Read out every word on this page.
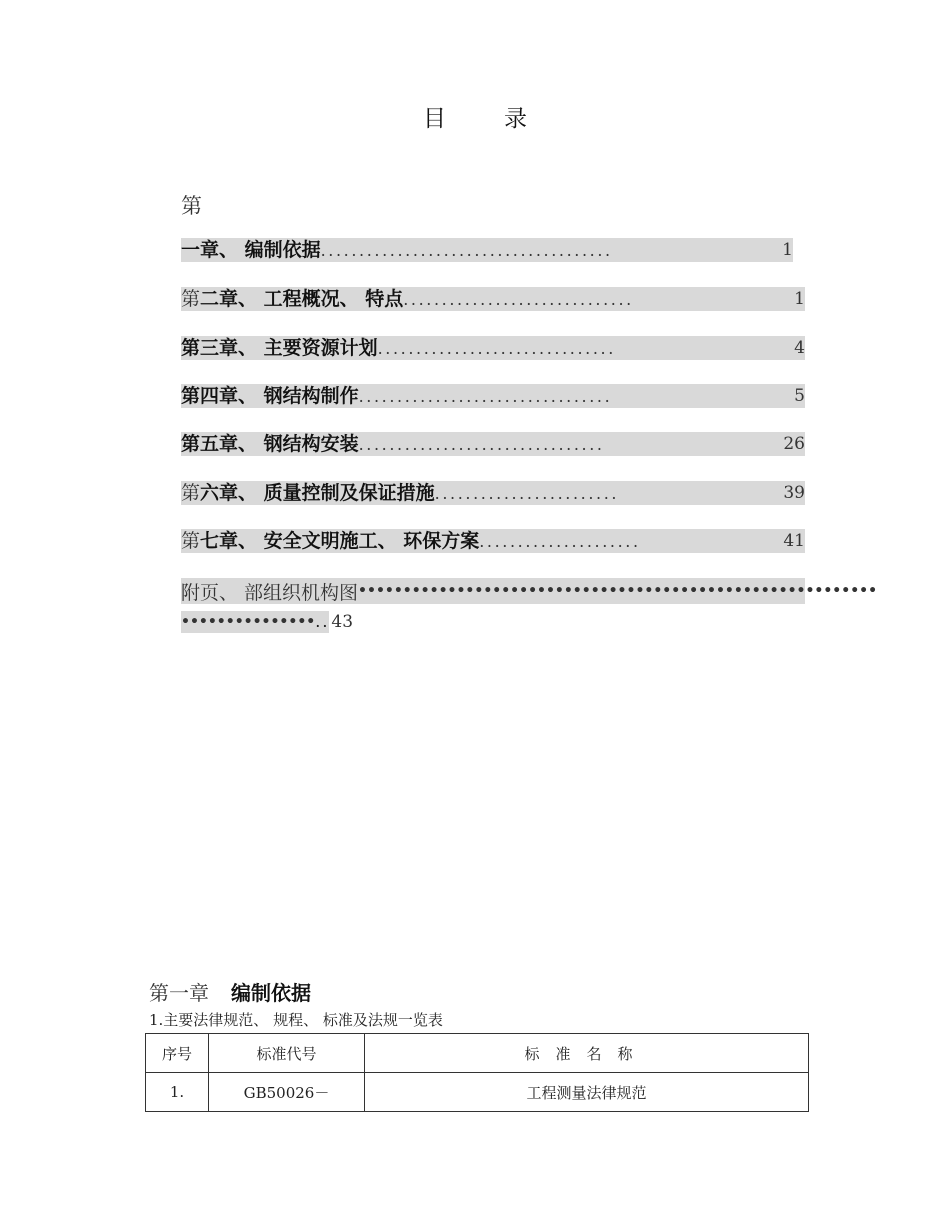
目	录
第
一章、 编制依据 ......................................	1
第二章、 工程概况、 特点 ..............................	1
第三章、 主要资源计划 ...............................	4
第四章、 钢结构制作 .................................	5
第五章、 钢结构安装 ................................	26
第六章、 质量控制及保证措施 ........................	39
第七章、 安全文明施工、 环保方案 .....................	41
附页、 部组织机构图 ••••••••••••••••••••••••••••••••••••••••••••••••••••••••••
••••••••••••••• .. 43
第一章 编制依据
1.主要法律规范、 规程、 标准及法规一览表
序号	标准代号	标准名称
1.	GB50026－	工程测量法律规范
